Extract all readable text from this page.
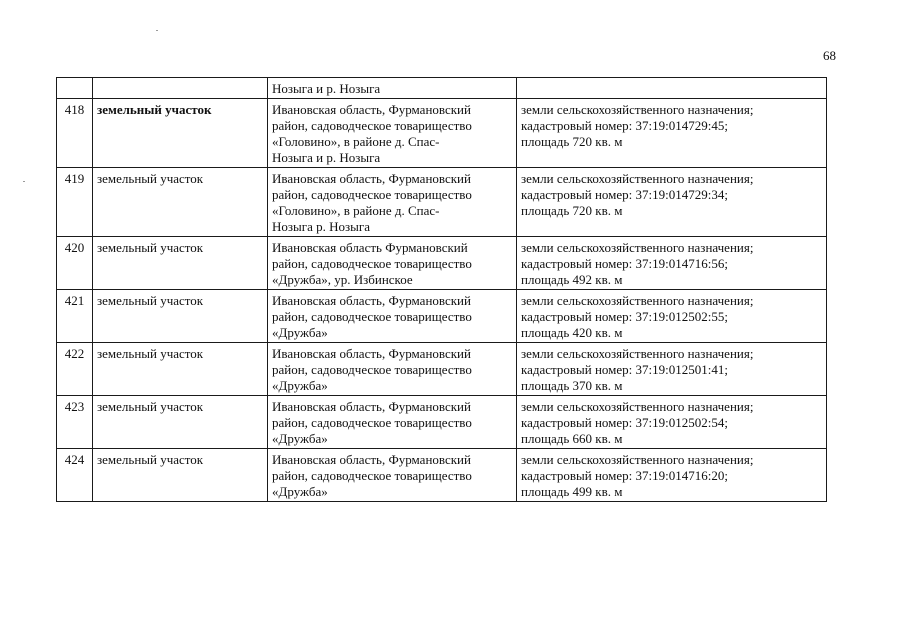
68

		Нозыга и р. Нозыга	

418	земельный участок	Ивановская область, Фурмановский
район, садоводческое товарищество
«Головино», в районе д. Спас-
Нозыга и р. Нозыга	земли сельскохозяйственного назначения;
кадастровый номер: 37:19:014729:45;
площадь 720 кв. м

419	земельный участок	Ивановская область, Фурмановский
район, садоводческое товарищество
«Головино», в районе д. Спас-
Нозыга р. Нозыга	земли сельскохозяйственного назначения;
кадастровый номер: 37:19:014729:34;
площадь 720 кв. м

420	земельный участок	Ивановская область Фурмановский
район, садоводческое товарищество
«Дружба», ур. Избинское	земли сельскохозяйственного назначения;
кадастровый номер: 37:19:014716:56;
площадь 492 кв. м

421	земельный участок	Ивановская область, Фурмановский
район, садоводческое товарищество
«Дружба»	земли сельскохозяйственного назначения;
кадастровый номер: 37:19:012502:55;
площадь 420 кв. м

422	земельный участок	Ивановская область, Фурмановский
район, садоводческое товарищество
«Дружба»	земли сельскохозяйственного назначения;
кадастровый номер: 37:19:012501:41;
площадь 370 кв. м

423	земельный участок	Ивановская область, Фурмановский
район, садоводческое товарищество
«Дружба»	земли сельскохозяйственного назначения;
кадастровый номер: 37:19:012502:54;
площадь 660 кв. м

424	земельный участок	Ивановская область, Фурмановский
район, садоводческое товарищество
«Дружба»	земли сельскохозяйственного назначения;
кадастровый номер: 37:19:014716:20;
площадь 499 кв. м
